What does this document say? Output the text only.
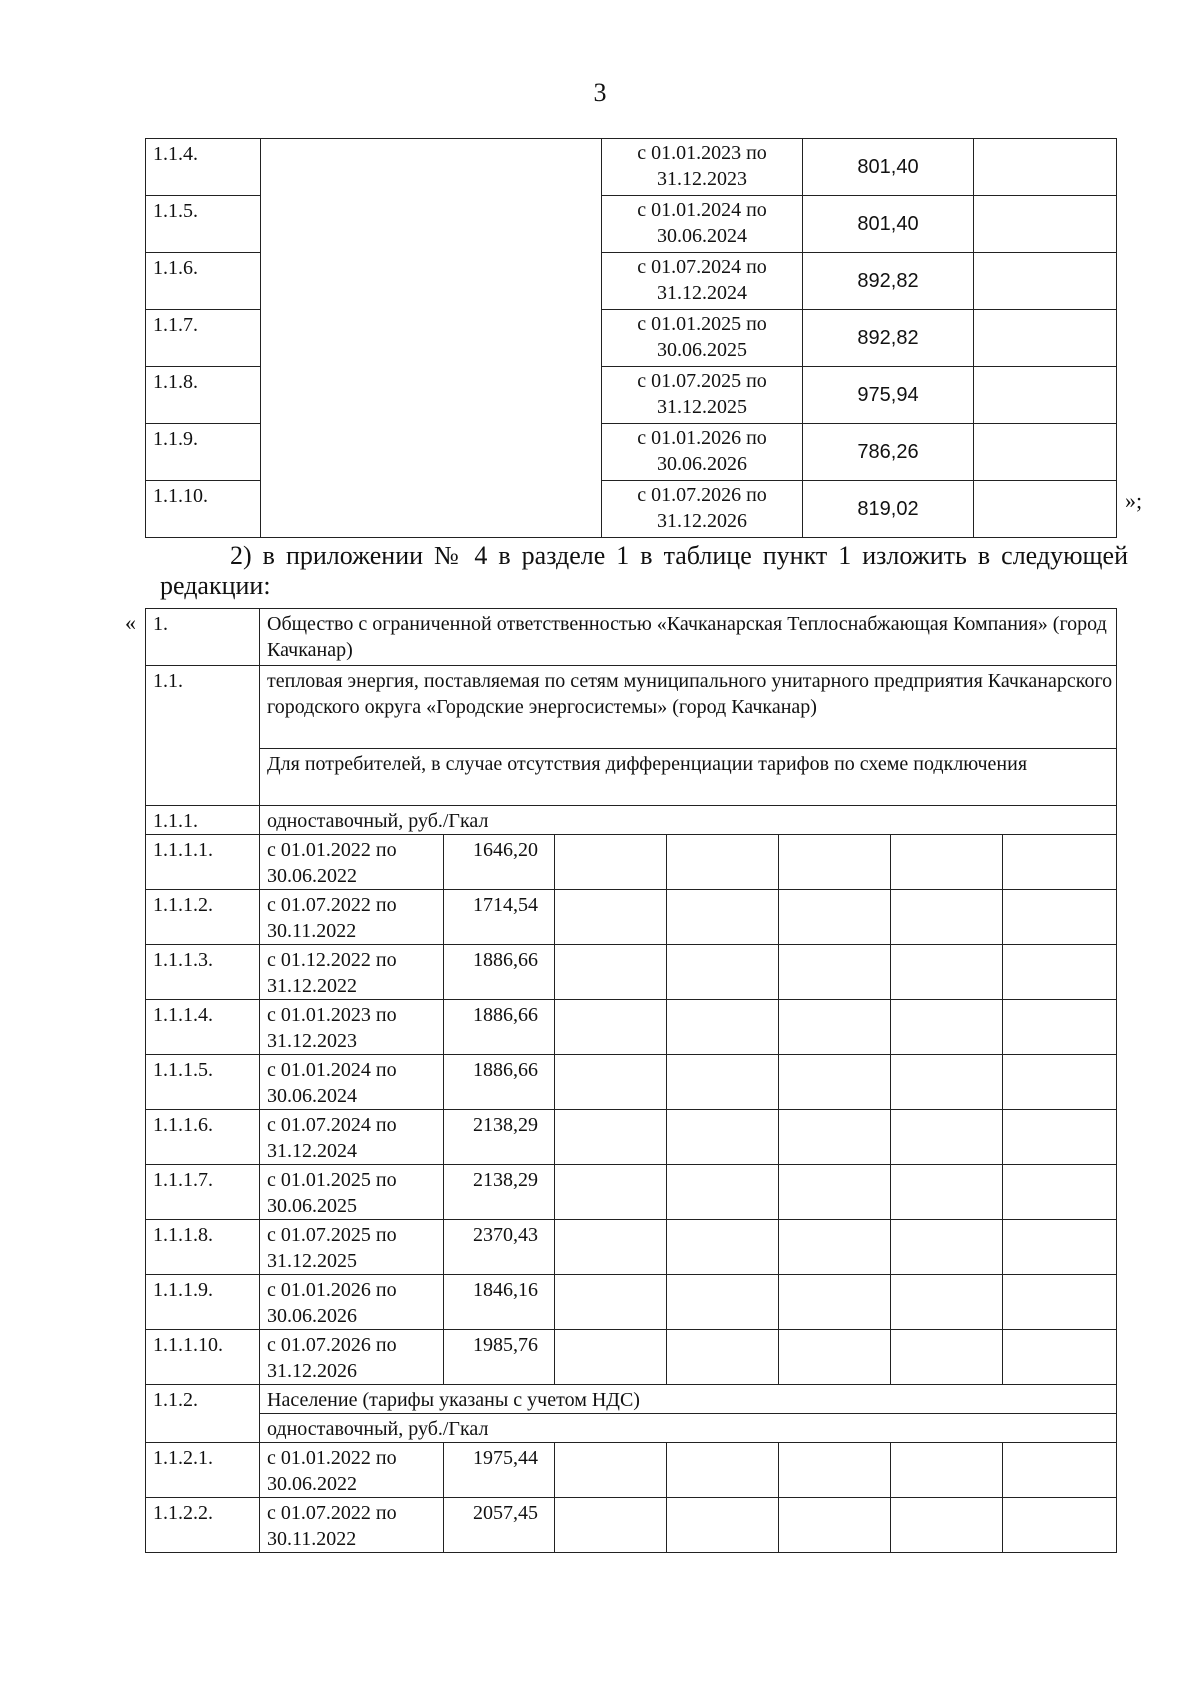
3
1.1.4.		с 01.01.2023 по 31.12.2023	801,40	
1.1.5.		с 01.01.2024 по 30.06.2024	801,40	
1.1.6.		с 01.07.2024 по 31.12.2024	892,82	
1.1.7.		с 01.01.2025 по 30.06.2025	892,82	
1.1.8.		с 01.07.2025 по 31.12.2025	975,94	
1.1.9.		с 01.01.2026 по 30.06.2026	786,26	
1.1.10.		с 01.07.2026 по 31.12.2026	819,02		»;
2) в приложении № 4 в разделе 1 в таблице пункт 1 изложить в следующей редакции:
« 1.	Общество с ограниченной ответственностью «Качканарская Теплоснабжающая Компания» (город Качканар)						
1.1.	тепловая энергия, поставляемая по сетям муниципального унитарного предприятия Качканарского городского округа «Городские энергосистемы» (город Качканар)						
	Для потребителей, в случае отсутствия дифференциации тарифов по схеме подключения						
1.1.1.	одноставочный, руб./Гкал						
1.1.1.1.	с 01.01.2022 по 30.06.2022	1646,20					
1.1.1.2.	с 01.07.2022 по 30.11.2022	1714,54					
1.1.1.3.	с 01.12.2022 по 31.12.2022	1886,66					
1.1.1.4.	с 01.01.2023 по 31.12.2023	1886,66					
1.1.1.5.	с 01.01.2024 по 30.06.2024	1886,66					
1.1.1.6.	с 01.07.2024 по 31.12.2024	2138,29					
1.1.1.7.	с 01.01.2025 по 30.06.2025	2138,29					
1.1.1.8.	с 01.07.2025 по 31.12.2025	2370,43					
1.1.1.9.	с 01.01.2026 по 30.06.2026	1846,16					
1.1.1.10.	с 01.07.2026 по 31.12.2026	1985,76					
1.1.2.	Население (тарифы указаны с учетом НДС)						
	одноставочный, руб./Гкал						
1.1.2.1.	с 01.01.2022 по 30.06.2022	1975,44					
1.1.2.2.	с 01.07.2022 по 30.11.2022	2057,45					
